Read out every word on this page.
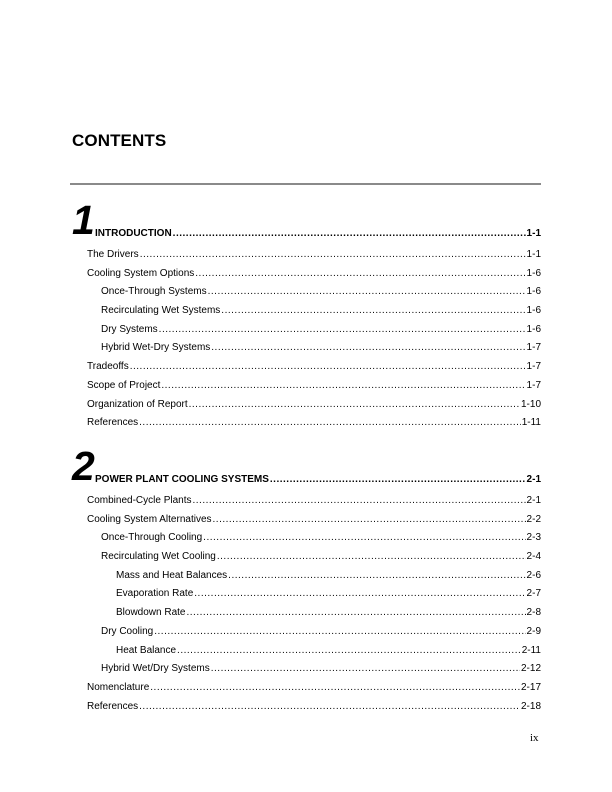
CONTENTS
1 INTRODUCTION .....	1-1
The Drivers .....	1-1
Cooling System Options .....	1-6
Once-Through Systems .....	1-6
Recirculating Wet Systems .....	1-6
Dry Systems .....	1-6
Hybrid Wet-Dry Systems .....	1-7
Tradeoffs .....	1-7
Scope of Project .....	1-7
Organization of Report .....	1-10
References .....	1-11
2 POWER PLANT COOLING SYSTEMS .....	2-1
Combined-Cycle Plants .....	2-1
Cooling System Alternatives .....	2-2
Once-Through Cooling .....	2-3
Recirculating Wet Cooling .....	2-4
Mass and Heat Balances .....	2-6
Evaporation Rate .....	2-7
Blowdown Rate .....	2-8
Dry Cooling .....	2-9
Heat Balance .....	2-11
Hybrid Wet/Dry Systems .....	2-12
Nomenclature .....	2-17
References .....	2-18
ix
